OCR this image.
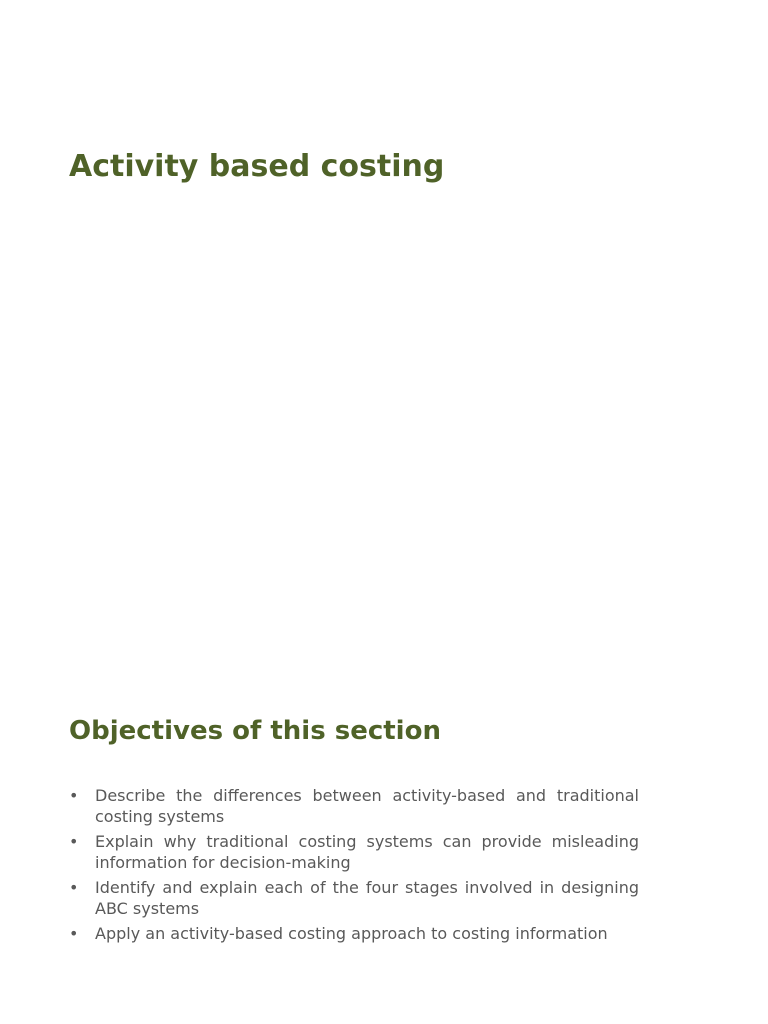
Activity based costing
Objectives of this section
•	Describe the differences between activity-based and traditional costing systems
•	Explain why traditional costing systems can provide misleading information for decision-making
•	Identify and explain each of the four stages involved in designing ABC systems
•	Apply an activity-based costing approach to costing information
